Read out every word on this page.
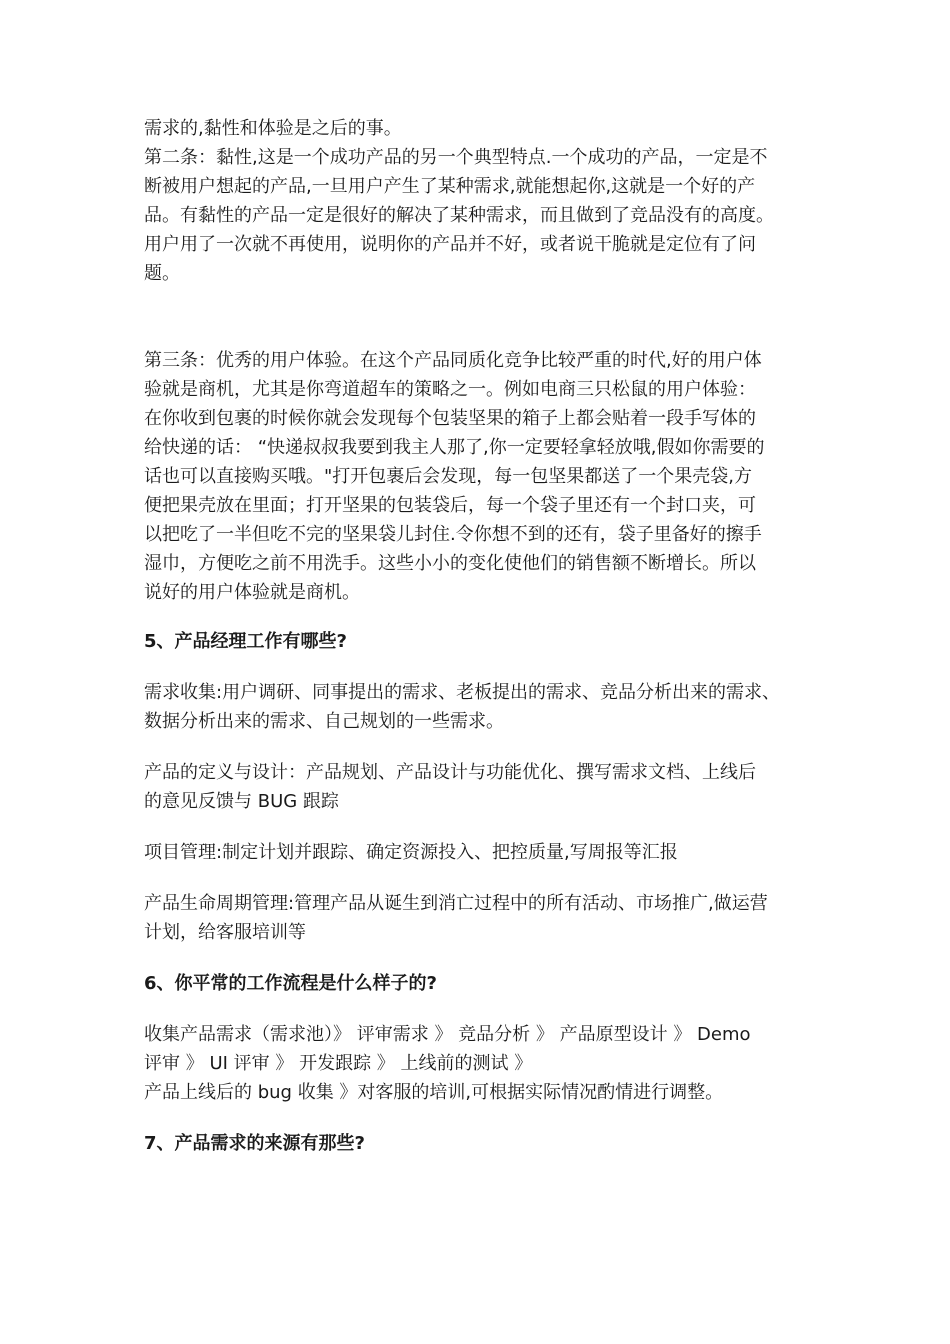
需求的,黏性和体验是之后的事。
第二条：黏性,这是一个成功产品的另一个典型特点.一个成功的产品，一定是不
断被用户想起的产品,一旦用户产生了某种需求,就能想起你,这就是一个好的产
品。有黏性的产品一定是很好的解决了某种需求，而且做到了竞品没有的高度。
用户用了一次就不再使用，说明你的产品并不好，或者说干脆就是定位有了问
题。
第三条：优秀的用户体验。在这个产品同质化竞争比较严重的时代,好的用户体
验就是商机，尤其是你弯道超车的策略之一。例如电商三只松鼠的用户体验：
在你收到包裹的时候你就会发现每个包装坚果的箱子上都会贴着一段手写体的
给快递的话： “快递叔叔我要到我主人那了,你一定要轻拿轻放哦,假如你需要的
话也可以直接购买哦。"打开包裹后会发现，每一包坚果都送了一个果壳袋,方
便把果壳放在里面；打开坚果的包装袋后，每一个袋子里还有一个封口夹，可
以把吃了一半但吃不完的坚果袋儿封住.令你想不到的还有，袋子里备好的擦手
湿巾，方便吃之前不用洗手。这些小小的变化使他们的销售额不断增长。所以
说好的用户体验就是商机。
5、产品经理工作有哪些?
需求收集:用户调研、同事提出的需求、老板提出的需求、竞品分析出来的需求、
数据分析出来的需求、自己规划的一些需求。
产品的定义与设计：产品规划、产品设计与功能优化、撰写需求文档、上线后
的意见反馈与 BUG 跟踪
项目管理:制定计划并跟踪、确定资源投入、把控质量,写周报等汇报
产品生命周期管理:管理产品从诞生到消亡过程中的所有活动、市场推广,做运营
计划，给客服培训等
6、你平常的工作流程是什么样子的?
收集产品需求（需求池）》 评审需求 》 竞品分析 》 产品原型设计 》 Demo
评审 》 UI 评审 》 开发跟踪 》 上线前的测试 》
产品上线后的 bug 收集 》对客服的培训,可根据实际情况酌情进行调整。
7、产品需求的来源有那些?
